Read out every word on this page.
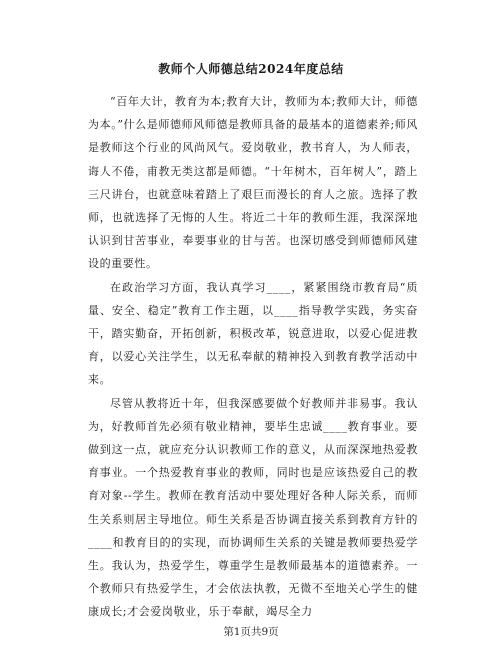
教师个人师德总结2024年度总结

“百年大计，教育为本;教育大计，教师为本;教师大计，师德为本。”什么是师德师风师德是教师具备的最基本的道德素养;师风是教师这个行业的风尚风气。爱岗敬业，教书育人，为人师表，诲人不倦，甫教无类这都是师德。“十年树木，百年树人”，踏上三尺讲台，也就意味着踏上了艰巨而漫长的育人之旅。选择了教师，也就选择了无悔的人生。将近二十年的教师生涯，我深深地认识到甘苦事业，奉要事业的甘与苦。也深切感受到师德师风建设的重要性。

在政治学习方面，我认真学习____，紧紧围绕市教育局“质量、安全、稳定”教育工作主题，以____指导教学实践，务实奋干，踏实勤奋，开拓创新，积极改革，锐意进取，以爱心促进教育，以爱心关注学生，以无私奉献的精神投入到教育教学活动中来。

尽管从教将近十年，但我深感要做个好教师并非易事。我认为，好教师首先必须有敬业精神，要毕生忠诚____教育事业。要做到这一点，就应充分认识教师工作的意义，从而深深地热爱教育事业。一个热爱教育事业的教师，同时也是应该热爱自己的教育对象--学生。教师在教育活动中要处理好各种人际关系，而师生关系则居主导地位。师生关系是否协调直接关系到教育方针的____和教育目的的实现，而协调师生关系的关键是教师要热爱学生。我认为，热爱学生，尊重学生是教师最基本的道德素养。一个教师只有热爱学生，才会依法执教，无微不至地关心学生的健康成长;才会爱岗敬业，乐于奉献，竭尽全力

第1页共9页
